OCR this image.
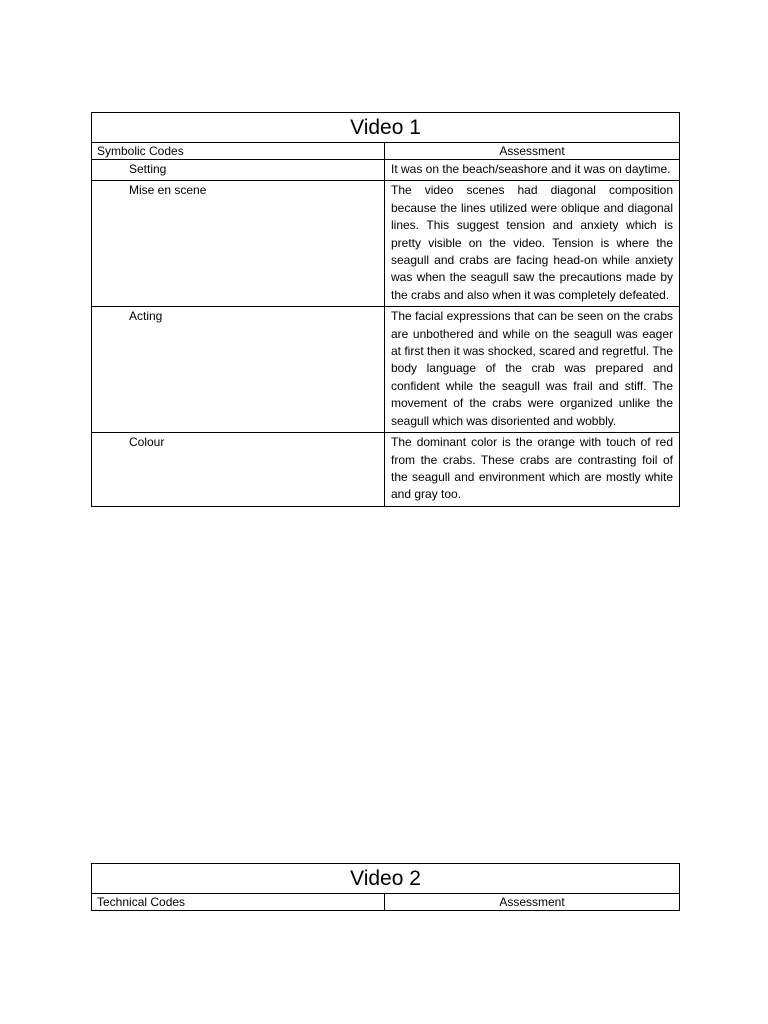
Video 1	
Symbolic Codes	Assessment
Setting	It was on the beach/seashore and it was on daytime.

Mise en scene	The video scenes had diagonal composition because the lines utilized were oblique and diagonal lines. This suggest tension and anxiety which is pretty visible on the video. Tension is where the seagull and crabs are facing head-on while anxiety was when the seagull saw the precautions made by the crabs and also when it was completely defeated.

Acting	The facial expressions that can be seen on the crabs are unbothered and while on the seagull was eager at first then it was shocked, scared and regretful. The body language of the crab was prepared and confident while the seagull was frail and stiff. The movement of the crabs were organized unlike the seagull which was disoriented and wobbly.

Colour	The dominant color is the orange with touch of red from the crabs. These crabs are contrasting foil of the seagull and environment which are mostly white and gray too.
Video 2
Technical Codes	Assessment
